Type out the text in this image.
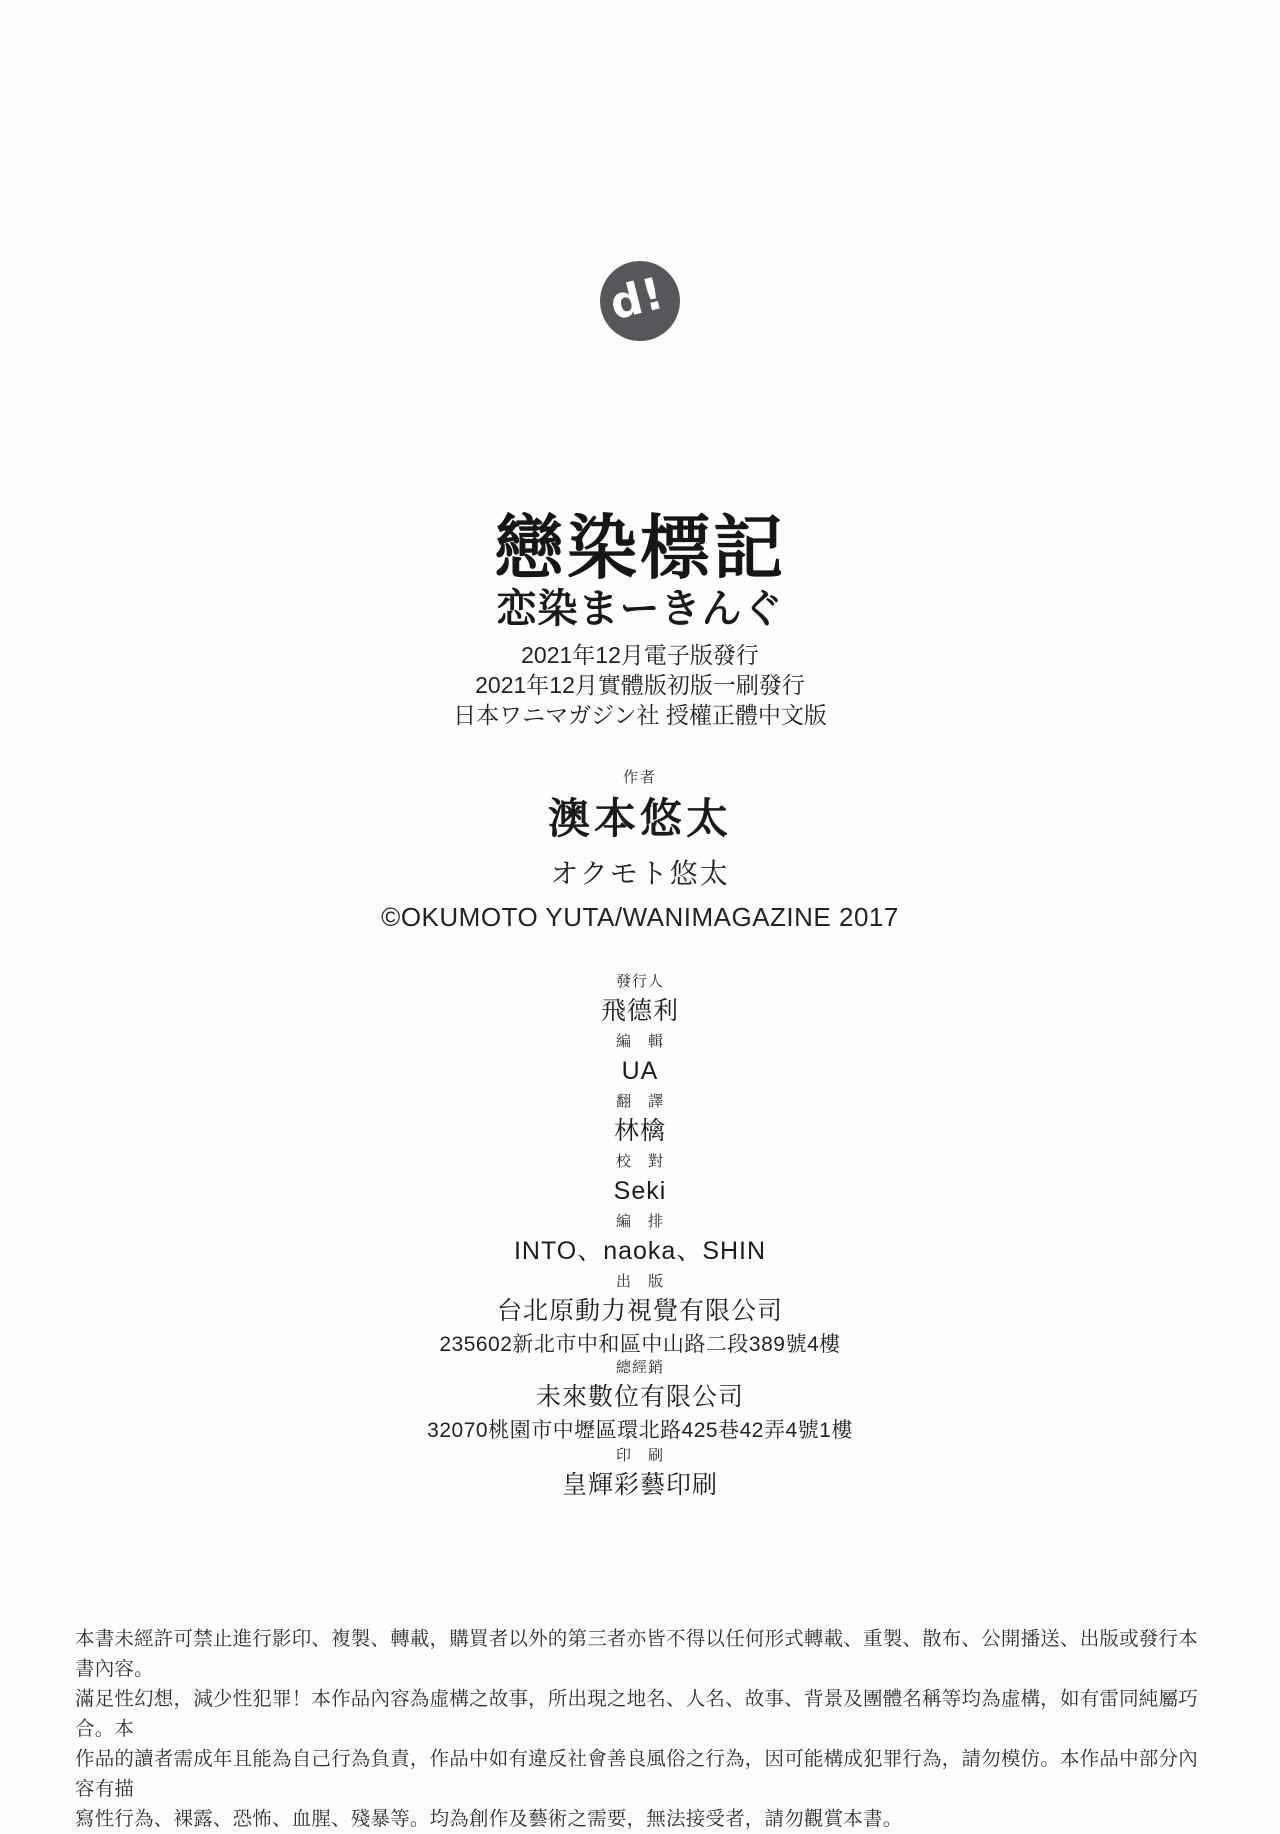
d!
戀染標記
恋染まーきんぐ
2021年12月電子版發行
2021年12月實體版初版一刷發行
日本ワニマガジン社 授權正體中文版
作者
澳本悠太
オクモト悠太
©OKUMOTO YUTA/WANIMAGAZINE 2017
發行人
飛德利
編　輯
UA
翻　譯
林檎
校　對
Seki
編　排
INTO、naoka、SHIN
出　版
台北原動力視覺有限公司
235602新北市中和區中山路二段389號4樓
總經銷
未來數位有限公司
32070桃園市中壢區環北路425巷42弄4號1樓
印　刷
皇輝彩藝印刷
本書未經許可禁止進行影印、複製、轉載，購買者以外的第三者亦皆不得以任何形式轉載、重製、散布、公開播送、出版或發行本書內容。
滿足性幻想，減少性犯罪！本作品內容為虛構之故事，所出現之地名、人名、故事、背景及團體名稱等均為虛構，如有雷同純屬巧合。本
作品的讀者需成年且能為自己行為負責，作品中如有違反社會善良風俗之行為，因可能構成犯罪行為，請勿模仿。本作品中部分內容有描
寫性行為、裸露、恐怖、血腥、殘暴等。均為創作及藝術之需要，無法接受者，請勿觀賞本書。
